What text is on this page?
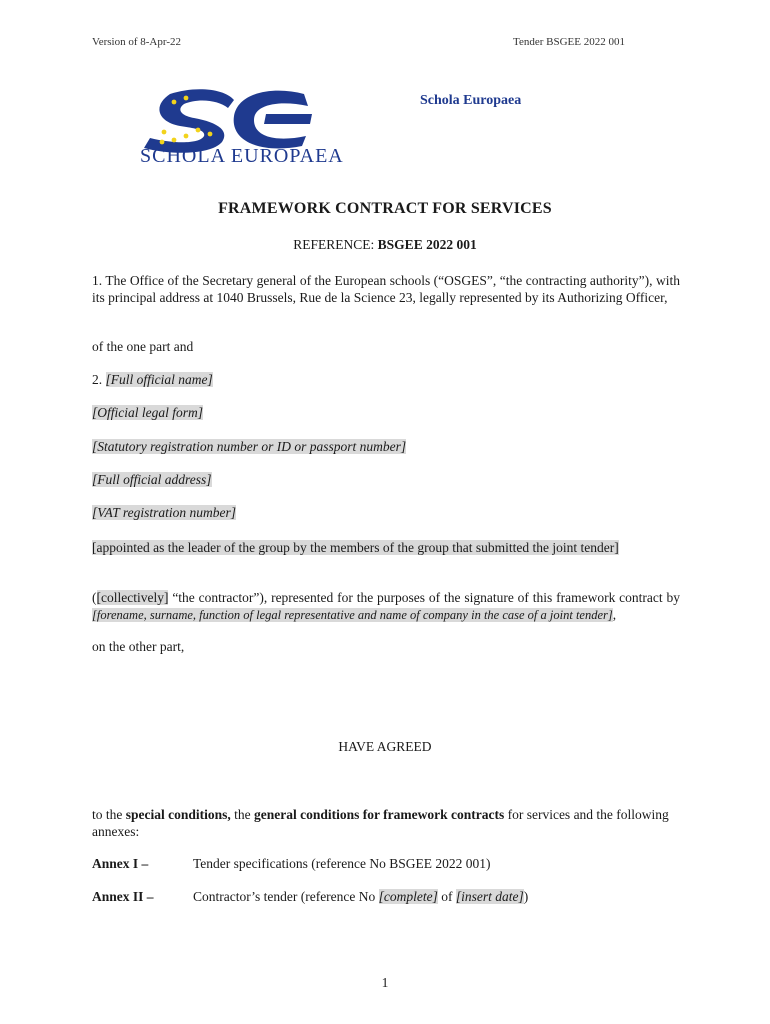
Version of 8-Apr-22	Tender BSGEE 2022 001
SCHOLA EUROPAEA
Schola Europaea
FRAMEWORK CONTRACT FOR SERVICES
REFERENCE: BSGEE 2022 001
1. The Office of the Secretary general of the European schools (“OSGES”, “the contracting authority”), with its principal address at 1040 Brussels, Rue de la Science 23, legally represented by its Authorizing Officer,
of the one part and
2. [Full official name]
[Official legal form]
[Statutory registration number or ID or passport number]
[Full official address]
[VAT registration number]
[appointed as the leader of the group by the members of the group that submitted the joint tender]
([collectively] “the contractor”), represented for the purposes of the signature of this framework contract by [forename, surname, function of legal representative and name of company in the case of a joint tender],
on the other part,
HAVE AGREED
to the special conditions, the general conditions for framework contracts for services and the following annexes:
Annex I –	Tender specifications (reference No BSGEE 2022 001)
Annex II –	Contractor’s tender (reference No [complete] of [insert date])
1
